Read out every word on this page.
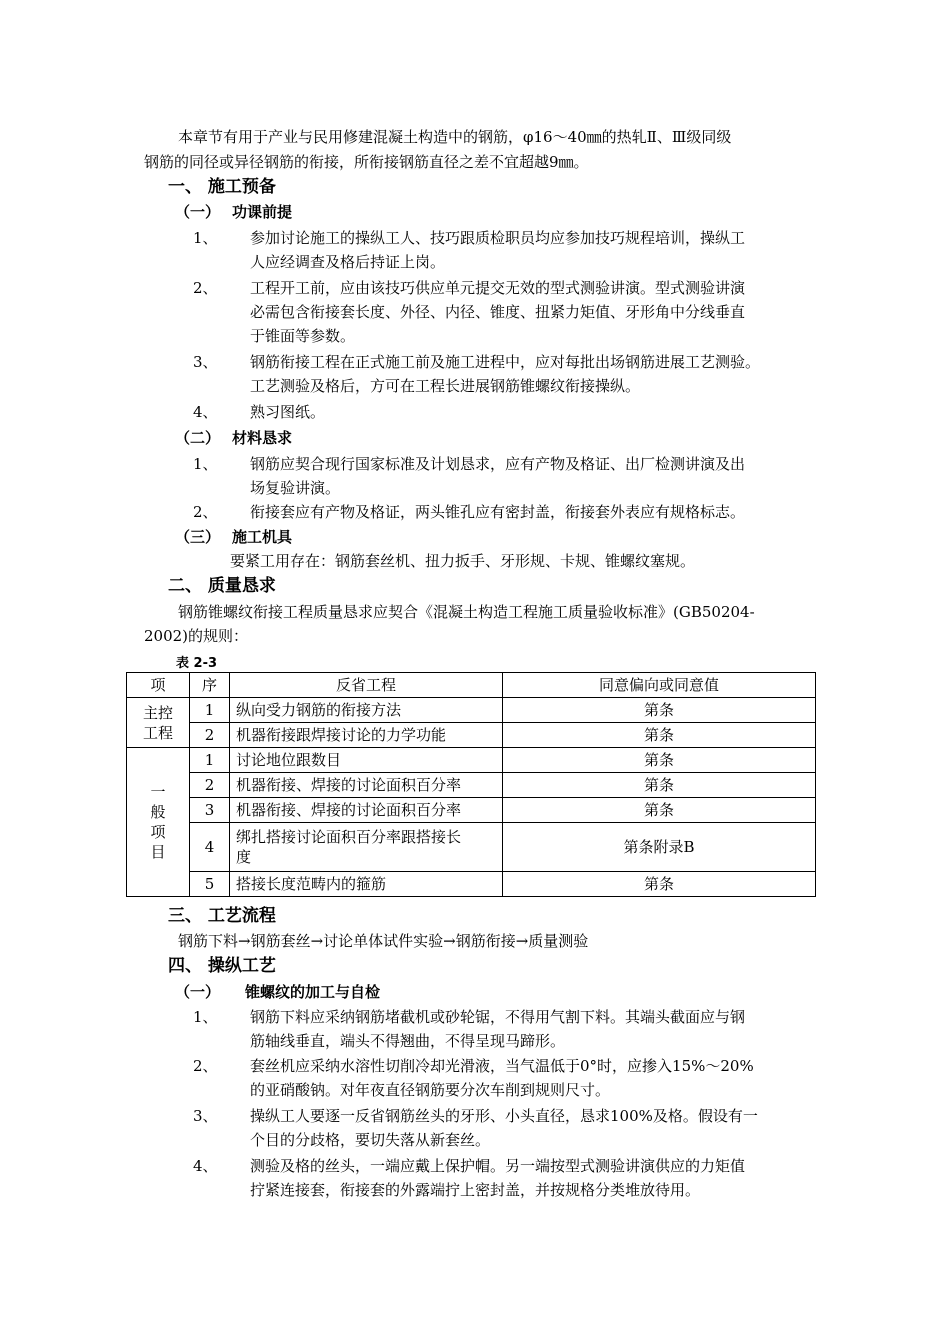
本章节有用于产业与民用修建混凝土构造中的钢筋，φ16～40㎜的热轧Ⅱ、Ⅲ级同级
钢筋的同径或异径钢筋的衔接，所衔接钢筋直径之差不宜超越9㎜。
一、 施工预备
（一） 功课前提
1、 参加讨论施工的操纵工人、技巧跟质检职员均应参加技巧规程培训，操纵工
人应经调查及格后持证上岗。
2、 工程开工前，应由该技巧供应单元提交无效的型式测验讲演。型式测验讲演
必需包含衔接套长度、外径、内径、锥度、扭紧力矩值、牙形角中分线垂直
于锥面等参数。
3、 钢筋衔接工程在正式施工前及施工进程中，应对每批出场钢筋进展工艺测验。
工艺测验及格后，方可在工程长进展钢筋锥螺纹衔接操纵。
4、 熟习图纸。
（二） 材料恳求
1、 钢筋应契合现行国家标准及计划恳求，应有产物及格证、出厂检测讲演及出
场复验讲演。
2、 衔接套应有产物及格证，两头锥孔应有密封盖，衔接套外表应有规格标志。
（三） 施工机具
要紧工用存在：钢筋套丝机、扭力扳手、牙形规、卡规、锥螺纹塞规。
二、 质量恳求
钢筋锥螺纹衔接工程质量恳求应契合《混凝土构造工程施工质量验收标准》(GB50204-
2002)的规则：
表 2-3
项	序	反省工程	同意偏向或同意值

主控
工程	1	纵向受力钢筋的衔接方法	第条
	2	机器衔接跟焊接讨论的力学功能	第条

一
般
项
目	1	讨论地位跟数目	第条
	2	机器衔接、焊接的讨论面积百分率	第条
	3	机器衔接、焊接的讨论面积百分率	第条
	4	绑扎搭接讨论面积百分率跟搭接长
度	第条附录B
	5	搭接长度范畴内的箍筋	第条
三、 工艺流程
钢筋下料→钢筋套丝→讨论单体试件实验→钢筋衔接→质量测验
四、 操纵工艺
（一） 锥螺纹的加工与自检
1、 钢筋下料应采纳钢筋堵截机或砂轮锯，不得用气割下料。其端头截面应与钢
筋轴线垂直，端头不得翘曲，不得呈现马蹄形。
2、 套丝机应采纳水溶性切削冷却光滑液，当气温低于0°时，应掺入15%～20%
的亚硝酸钠。对年夜直径钢筋要分次车削到规则尺寸。
3、 操纵工人要逐一反省钢筋丝头的牙形、小头直径，恳求100%及格。假设有一
个目的分歧格，要切失落从新套丝。
4、 测验及格的丝头，一端应戴上保护帽。另一端按型式测验讲演供应的力矩值
拧紧连接套，衔接套的外露端拧上密封盖，并按规格分类堆放待用。
